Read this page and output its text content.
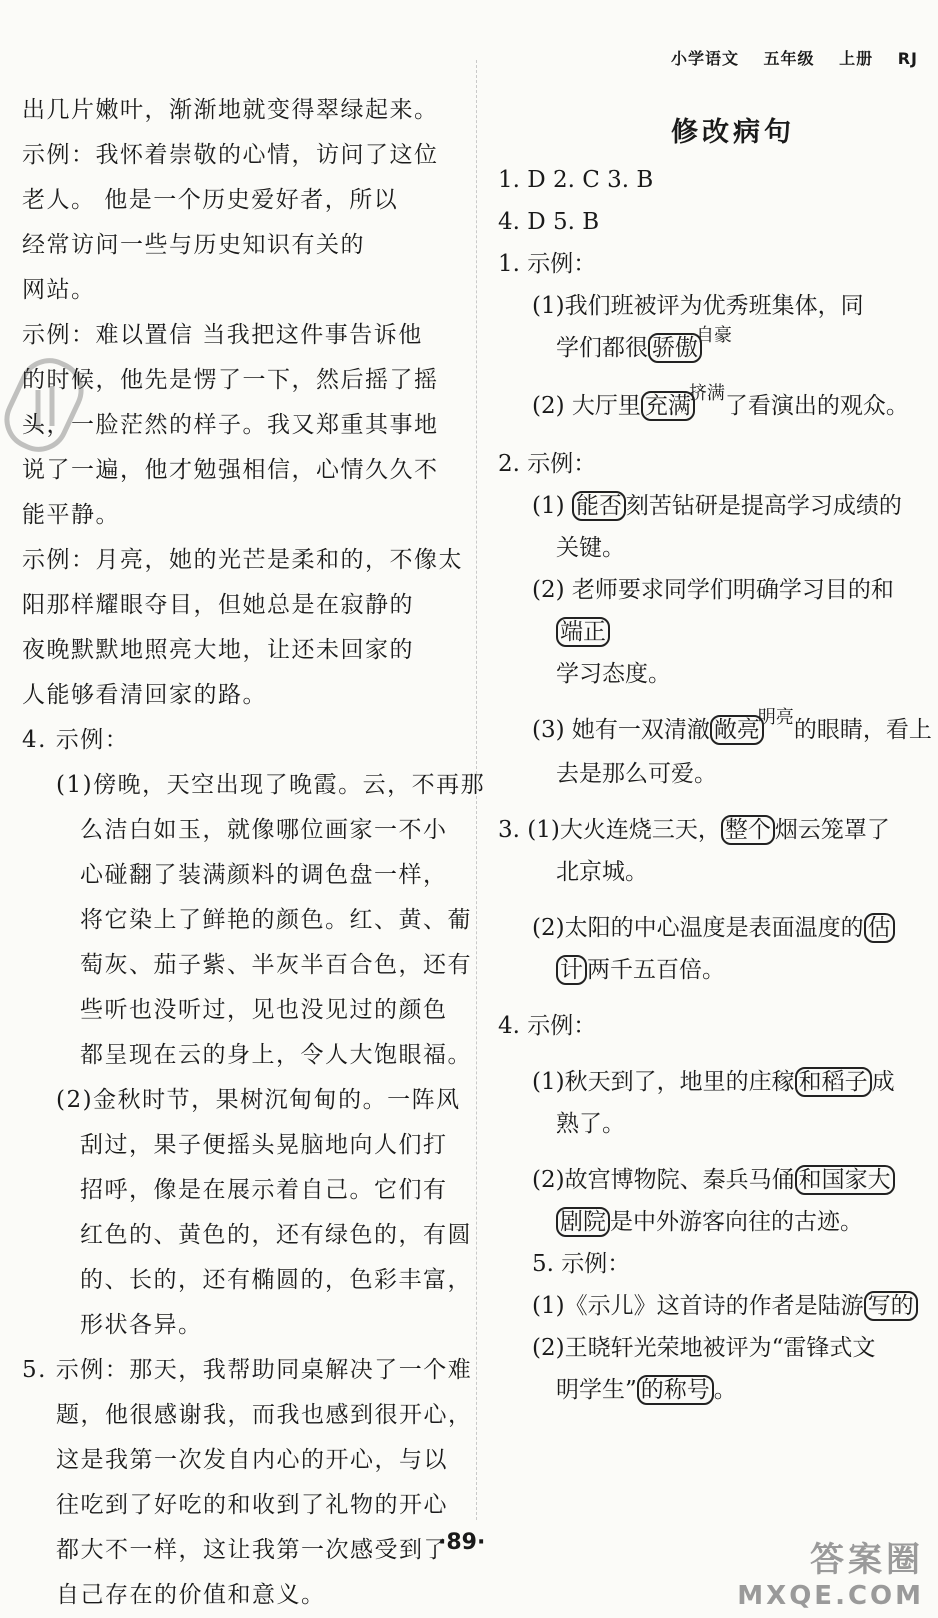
小学语文 五年级 上册 RJ
出几片嫩叶，渐渐地就变得翠绿起来。
示例：我怀着崇敬的心情，访问了这位
老人。 他是一个历史爱好者，所以
经常访问一些与历史知识有关的
网站。
示例：难以置信 当我把这件事告诉他
的时候，他先是愣了一下，然后摇了摇
头，一脸茫然的样子。我又郑重其事地
说了一遍，他才勉强相信，心情久久不
能平静。
示例：月亮，她的光芒是柔和的，不像太
阳那样耀眼夺目，但她总是在寂静的
夜晚默默地照亮大地，让还未回家的
人能够看清回家的路。
4. 示例：
(1)傍晚，天空出现了晚霞。云，不再那
么洁白如玉，就像哪位画家一不小
心碰翻了装满颜料的调色盘一样，
将它染上了鲜艳的颜色。红、黄、葡
萄灰、茄子紫、半灰半百合色，还有
些听也没听过，见也没见过的颜色
都呈现在云的身上，令人大饱眼福。
(2)金秋时节，果树沉甸甸的。一阵风
刮过，果子便摇头晃脑地向人们打
招呼，像是在展示着自己。它们有
红色的、黄色的，还有绿色的，有圆
的、长的，还有椭圆的，色彩丰富，
形状各异。
5. 示例：那天，我帮助同桌解决了一个难
题，他很感谢我，而我也感到很开心，
这是我第一次发自内心的开心，与以
往吃到了好吃的和收到了礼物的开心
都大不一样，这让我第一次感受到了
自己存在的价值和意义。
修改病句
1. D 2. C 3. B
4. D 5. B
1. 示例：
(1)我们班被评为优秀班集体，同
学们都很 骄傲$^{自豪}$
(2) 大厅里 充满$^{挤满}$了看演出的观众。
2. 示例：
(1) 能否 刻苦钻研是提高学习成绩的
关键。
(2) 老师要求同学们明确学习目的和
端正
学习态度。
(3) 她有一双清澈 敞亮$^{明亮}$的眼睛，看上
去是那么可爱。
3. (1)大火连烧三天， 整个 烟云笼罩了
北京城。
(2)太阳的中心温度是表面温度的 估
计 两千五百倍。
4. 示例：
(1)秋天到了，地里的庄稼 和稻子 成
熟了。
(2)故宫博物院、秦兵马俑 和国家大
剧院 是中外游客向往的古迹。
5. 示例：
(1)《示儿》这首诗的作者是陆游 写的
(2)王晓轩光荣地被评为“雷锋式文
明学生” 的称号 。
·89·	答案圈
MXQE.COM
